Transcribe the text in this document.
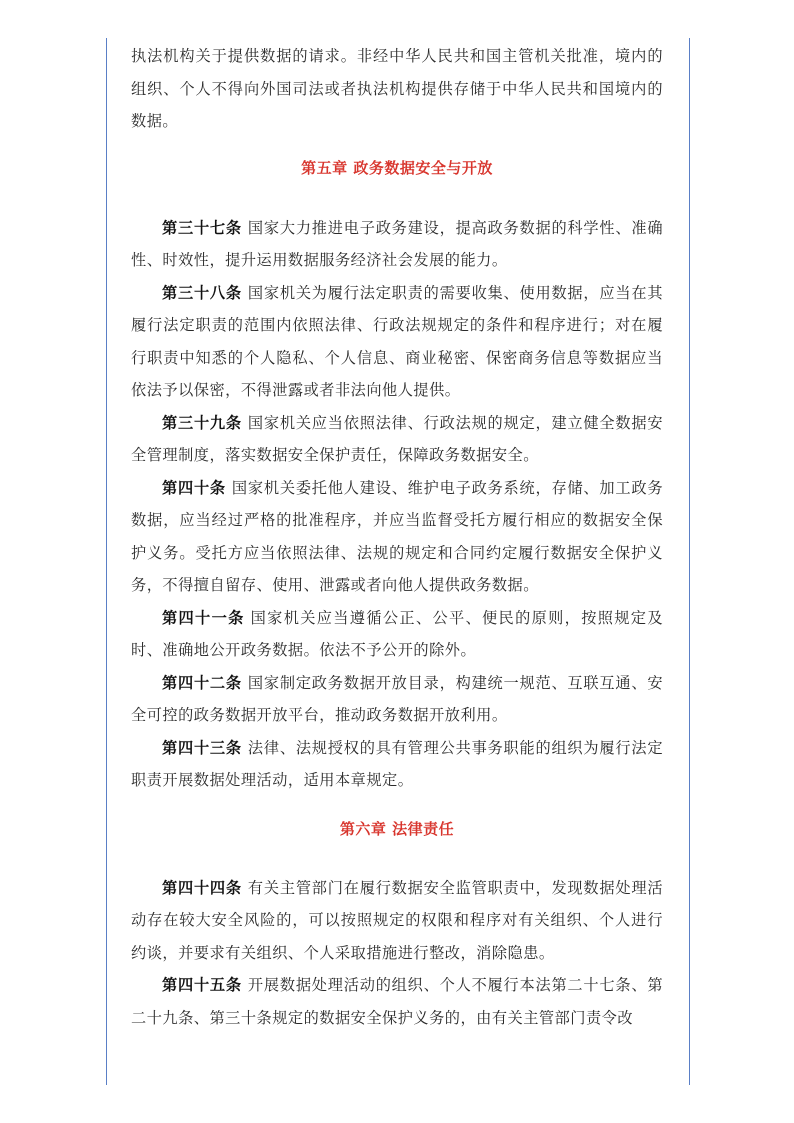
执法机构关于提供数据的请求。非经中华人民共和国主管机关批准，境内的组织、个人不得向外国司法或者执法机构提供存储于中华人民共和国境内的数据。

第五章 政务数据安全与开放

第三十七条 国家大力推进电子政务建设，提高政务数据的科学性、准确性、时效性，提升运用数据服务经济社会发展的能力。

第三十八条 国家机关为履行法定职责的需要收集、使用数据，应当在其履行法定职责的范围内依照法律、行政法规规定的条件和程序进行；对在履行职责中知悉的个人隐私、个人信息、商业秘密、保密商务信息等数据应当依法予以保密，不得泄露或者非法向他人提供。

第三十九条 国家机关应当依照法律、行政法规的规定，建立健全数据安全管理制度，落实数据安全保护责任，保障政务数据安全。

第四十条 国家机关委托他人建设、维护电子政务系统，存储、加工政务数据，应当经过严格的批准程序，并应当监督受托方履行相应的数据安全保护义务。受托方应当依照法律、法规的规定和合同约定履行数据安全保护义务，不得擅自留存、使用、泄露或者向他人提供政务数据。

第四十一条 国家机关应当遵循公正、公平、便民的原则，按照规定及时、准确地公开政务数据。依法不予公开的除外。

第四十二条 国家制定政务数据开放目录，构建统一规范、互联互通、安全可控的政务数据开放平台，推动政务数据开放利用。

第四十三条 法律、法规授权的具有管理公共事务职能的组织为履行法定职责开展数据处理活动，适用本章规定。

第六章 法律责任

第四十四条 有关主管部门在履行数据安全监管职责中，发现数据处理活动存在较大安全风险的，可以按照规定的权限和程序对有关组织、个人进行约谈，并要求有关组织、个人采取措施进行整改，消除隐患。

第四十五条 开展数据处理活动的组织、个人不履行本法第二十七条、第二十九条、第三十条规定的数据安全保护义务的，由有关主管部门责令改
